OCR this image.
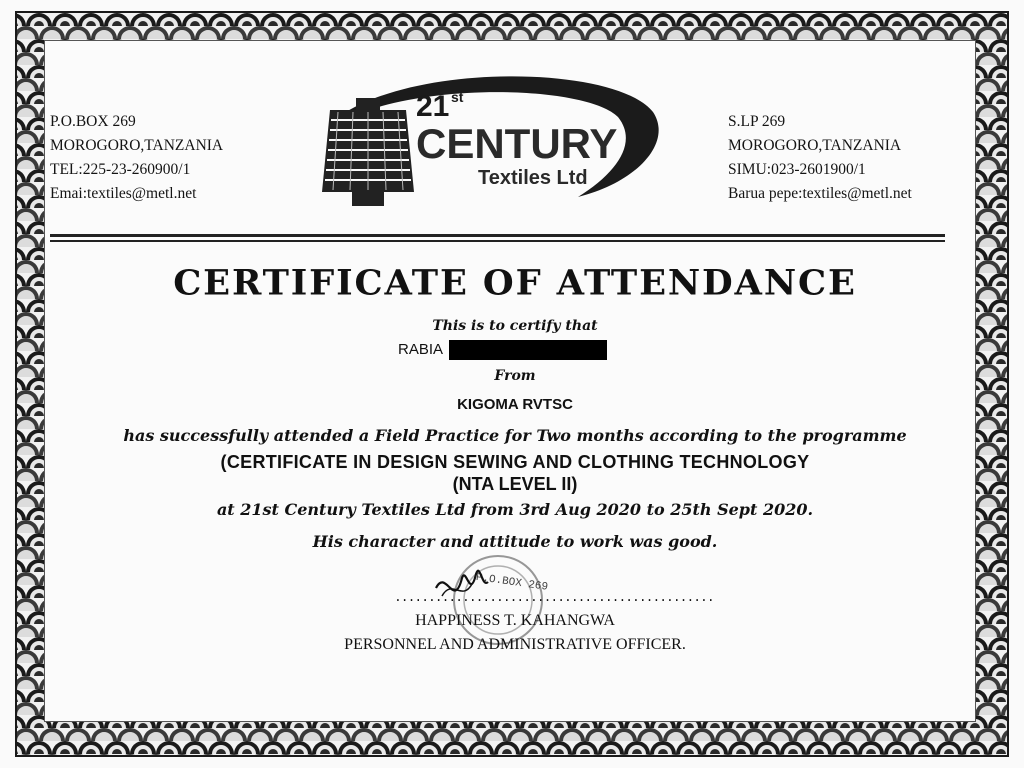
P.O.BOX 269
MOROGORO,TANZANIA
TEL:225-23-260900/1
Emai:textiles@metl.net
S.LP 269
MOROGORO,TANZANIA
SIMU:023-2601900/1
Barua pepe:textiles@metl.net
21 st
CENTURY
Textiles Ltd
CERTIFICATE OF ATTENDANCE
This is to certify that
RABIA
From
KIGOMA RVTSC
has successfully attended a Field Practice for Two months according to the programme
(CERTIFICATE IN DESIGN SEWING AND CLOTHING TECHNOLOGY
(NTA LEVEL II)
at 21st Century Textiles Ltd from 3rd Aug 2020 to 25th Sept 2020.
His character and attitude to work was good.
P.O.BOX 269
...............................................
HAPPINESS T. KAHANGWA
PERSONNEL AND ADMINISTRATIVE OFFICER.
